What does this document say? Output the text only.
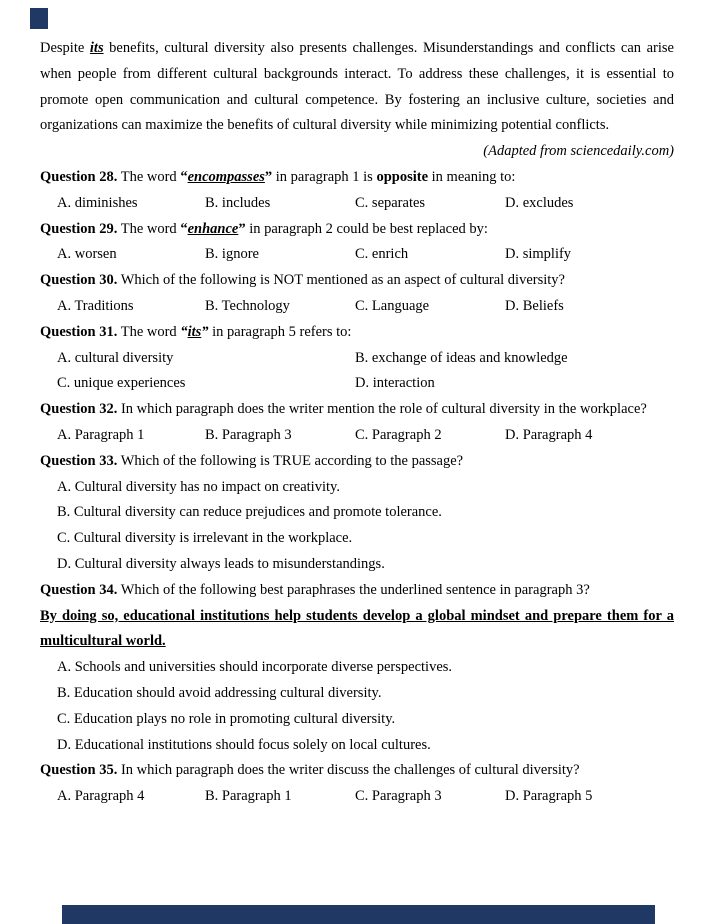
Despite its benefits, cultural diversity also presents challenges. Misunderstandings and conflicts can arise when people from different cultural backgrounds interact. To address these challenges, it is essential to promote open communication and cultural competence. By fostering an inclusive culture, societies and organizations can maximize the benefits of cultural diversity while minimizing potential conflicts.

(Adapted from sciencedaily.com)

Question 28. The word “encompasses” in paragraph 1 is opposite in meaning to:

A. diminishes	B. includes	C. separates	D. excludes

Question 29. The word “enhance” in paragraph 2 could be best replaced by:

A. worsen	B. ignore	C. enrich	D. simplify

Question 30. Which of the following is NOT mentioned as an aspect of cultural diversity?

A. Traditions	B. Technology	C. Language	D. Beliefs

Question 31. The word “its” in paragraph 5 refers to:

A. cultural diversity	B. exchange of ideas and knowledge
C. unique experiences	D. interaction

Question 32. In which paragraph does the writer mention the role of cultural diversity in the workplace?

A. Paragraph 1	B. Paragraph 3	C. Paragraph 2	D. Paragraph 4

Question 33. Which of the following is TRUE according to the passage?

A. Cultural diversity has no impact on creativity.
B. Cultural diversity can reduce prejudices and promote tolerance.
C. Cultural diversity is irrelevant in the workplace.
D. Cultural diversity always leads to misunderstandings.

Question 34. Which of the following best paraphrases the underlined sentence in paragraph 3?

By doing so, educational institutions help students develop a global mindset and prepare them for a multicultural world.

A. Schools and universities should incorporate diverse perspectives.
B. Education should avoid addressing cultural diversity.
C. Education plays no role in promoting cultural diversity.
D. Educational institutions should focus solely on local cultures.

Question 35. In which paragraph does the writer discuss the challenges of cultural diversity?

A. Paragraph 4	B. Paragraph 1	C. Paragraph 3	D. Paragraph 5
